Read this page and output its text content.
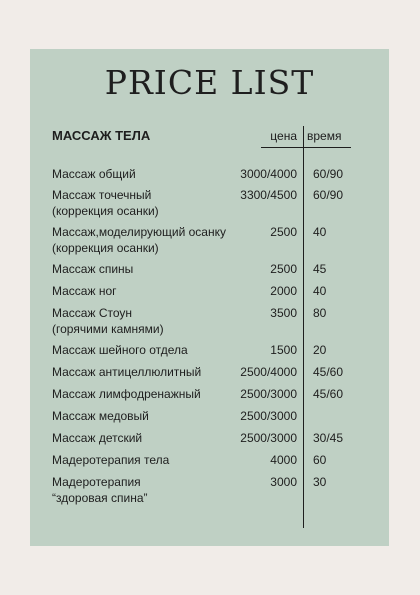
PRICE LIST
МАССАЖ ТЕЛА	цена время
Массаж общий	3000/4000 60/90
Массаж точечный
(коррекция осанки)
3300/4500 60/90
Массаж,моделирующий осанку
(коррекция осанки)
2500 40
Массаж спины	2500 45
Массаж ног	2000 40
Массаж Стоун
(горячими камнями)
3500 80
Массаж шейного отдела	1500 20
Массаж антицеллюлитный	2500/4000 45/60
Массаж лимфодренажный	2500/3000 45/60
Массаж медовый	2500/3000
Массаж детский	2500/3000 30/45
Мадеротерапия тела	4000 60
Мадеротерапия
“здоровая спина”
3000 30
